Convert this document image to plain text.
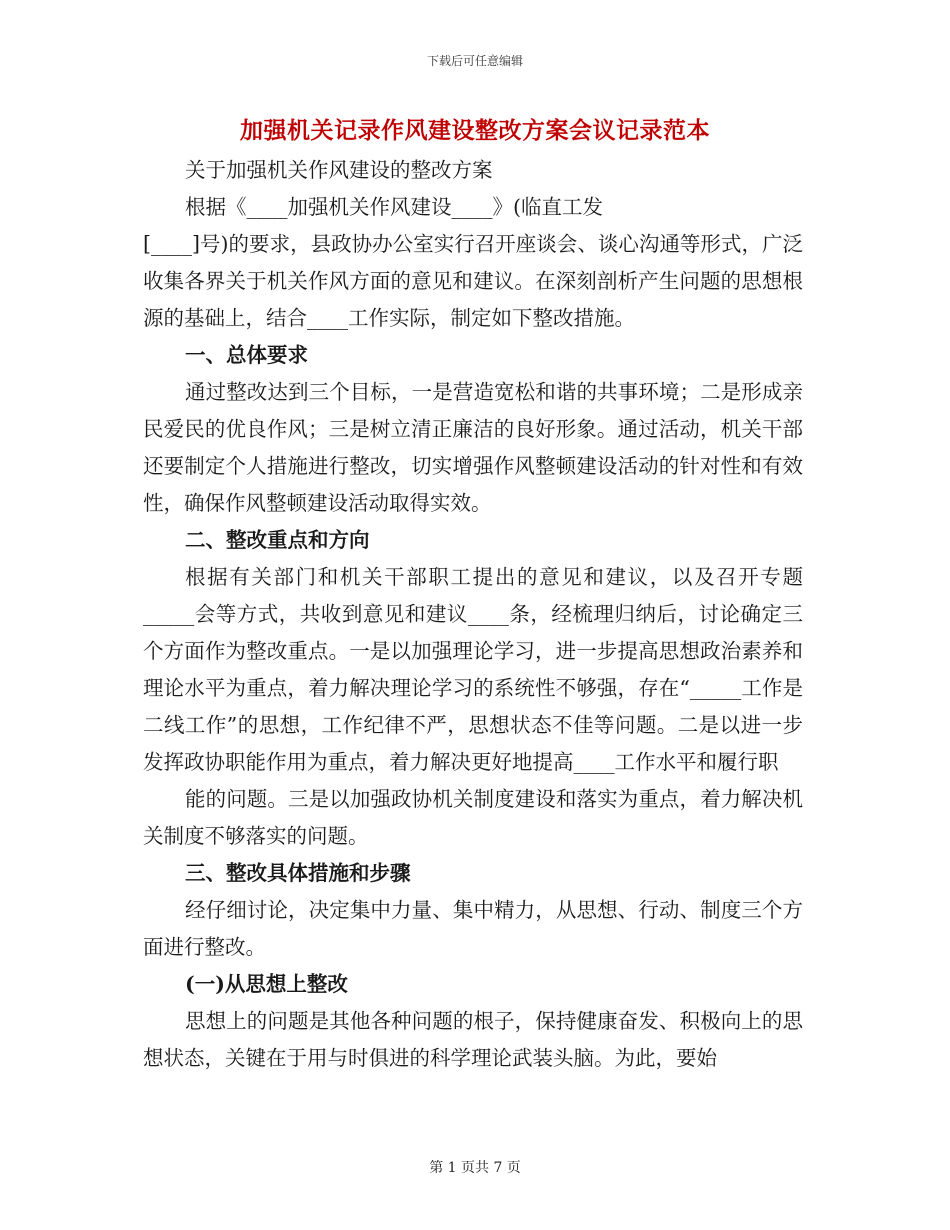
下载后可任意编辑
加强机关记录作风建设整改方案会议记录范本

关于加强机关作风建设的整改方案

根据《____加强机关作风建设____》(临直工发

[____]号)的要求，县政协办公室实行召开座谈会、谈心沟通等形式，广泛收集各界关于机关作风方面的意见和建议。在深刻剖析产生问题的思想根源的基础上，结合____工作实际，制定如下整改措施。

一、总体要求

通过整改达到三个目标，一是营造宽松和谐的共事环境；二是形成亲民爱民的优良作风；三是树立清正廉洁的良好形象。通过活动，机关干部还要制定个人措施进行整改，切实增强作风整顿建设活动的针对性和有效性，确保作风整顿建设活动取得实效。

二、整改重点和方向

根据有关部门和机关干部职工提出的意见和建议，以及召开专题_____会等方式，共收到意见和建议____条，经梳理归纳后，讨论确定三个方面作为整改重点。一是以加强理论学习，进一步提高思想政治素养和理论水平为重点，着力解决理论学习的系统性不够强，存在“_____工作是二线工作”的思想，工作纪律不严，思想状态不佳等问题。二是以进一步发挥政协职能作用为重点，着力解决更好地提高____工作水平和履行职

能的问题。三是以加强政协机关制度建设和落实为重点，着力解决机关制度不够落实的问题。

三、整改具体措施和步骤

经仔细讨论，决定集中力量、集中精力，从思想、行动、制度三个方面进行整改。

(一)从思想上整改

思想上的问题是其他各种问题的根子，保持健康奋发、积极向上的思想状态，关键在于用与时俱进的科学理论武装头脑。为此，要始

第 1 页共 7 页
